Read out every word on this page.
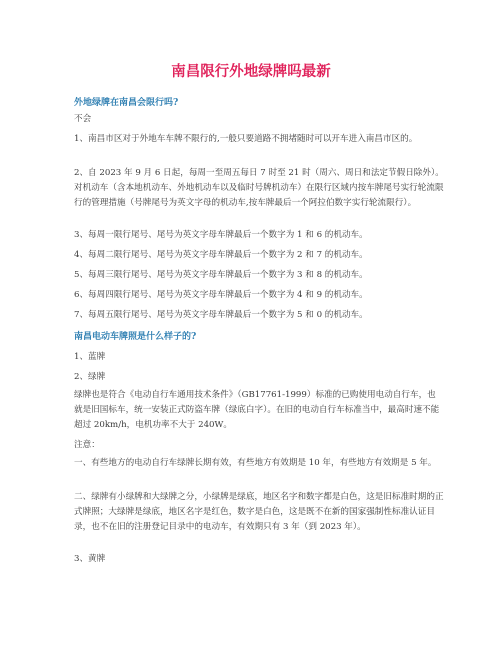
南昌限行外地绿牌吗最新
外地绿牌在南昌会限行吗?
不会
1、南昌市区对于外地车车牌不限行的,一般只要道路不拥堵随时可以开车进入南昌市区的。
2、自 2023 年 9 月 6 日起，每周一至周五每日 7 时至 21 时（周六、周日和法定节假日除外）。对机动车（含本地机动车、外地机动车以及临时号牌机动车）在限行区域内按车牌尾号实行轮流限行的管理措施（号牌尾号为英文字母的机动车,按车牌最后一个阿拉伯数字实行轮流限行）。
3、每周一限行尾号、尾号为英文字母车牌最后一个数字为 1 和 6 的机动车。
4、每周二限行尾号、尾号为英文字母车牌最后一个数字为 2 和 7 的机动车。
5、每周三限行尾号、尾号为英文字母车牌最后一个数字为 3 和 8 的机动车。
6、每周四限行尾号、尾号为英文字母车牌最后一个数字为 4 和 9 的机动车。
7、每周五限行尾号、尾号为英文字母车牌最后一个数字为 5 和 0 的机动车。
南昌电动车牌照是什么样子的?
1、蓝牌
2、绿牌
绿牌也是符合《电动自行车通用技术条件》（GB17761-1999）标准的已购使用电动自行车，也就是旧国标车，统一安装正式防盗车牌（绿底白字）。在旧的电动自行车标准当中，最高时速不能超过 20km/h，电机功率不大于 240W。
注意：
一、有些地方的电动自行车绿牌长期有效，有些地方有效期是 10 年，有些地方有效期是 5 年。
二、绿牌有小绿牌和大绿牌之分，小绿牌是绿底，地区名字和数字都是白色，这是旧标准时期的正式牌照；大绿牌是绿底，地区名字是红色，数字是白色，这是既不在新的国家强制性标准认证目录，也不在旧的注册登记目录中的电动车，有效期只有 3 年（到 2023 年）。
3、黄牌
